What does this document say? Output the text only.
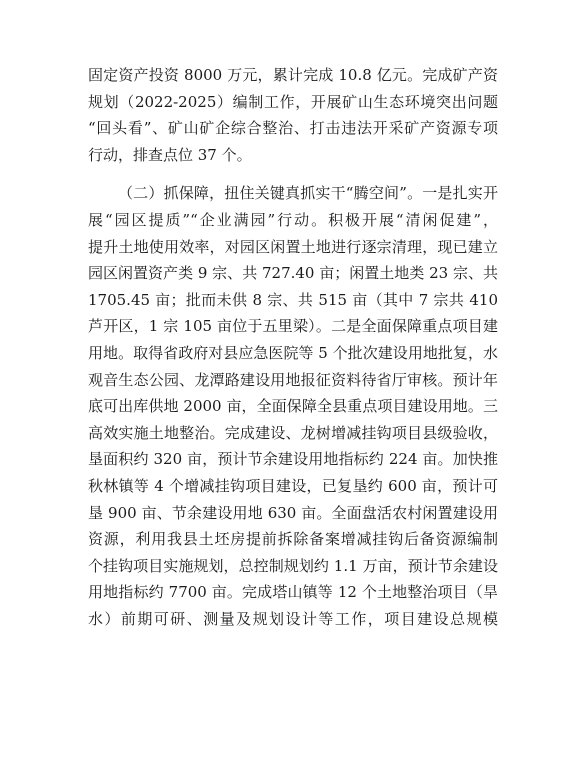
固定资产投资 8000 万元，累计完成 10.8 亿元。完成矿产资
规划（2022-2025）编制工作，开展矿山生态环境突出问题
“回头看”、矿山矿企综合整治、打击违法开采矿产资源专项
行动，排查点位 37 个。
（二）抓保障，扭住关键真抓实干“腾空间”。一是扎实开
展“园区提质”“企业满园”行动。积极开展“清闲促建”，
提升土地使用效率，对园区闲置土地进行逐宗清理，现已建立
园区闲置资产类 9 宗、共 727.40 亩；闲置土地类 23 宗、共
1705.45 亩；批而未供 8 宗、共 515 亩（其中 7 宗共 410
芦开区，1 宗 105 亩位于五里梁）。二是全面保障重点项目建
用地。取得省政府对县应急医院等 5 个批次建设用地批复，水
观音生态公园、龙潭路建设用地报征资料待省厅审核。预计年
底可出库供地 2000 亩，全面保障全县重点项目建设用地。三
高效实施土地整治。完成建设、龙树增减挂钩项目县级验收，
垦面积约 320 亩，预计节余建设用地指标约 224 亩。加快推
秋林镇等 4 个增减挂钩项目建设，已复垦约 600 亩，预计可
垦 900 亩、节余建设用地 630 亩。全面盘活农村闲置建设用
资源，利用我县土坯房提前拆除备案增减挂钩后备资源编制
个挂钩项目实施规划，总控制规划约 1.1 万亩，预计节余建设
用地指标约 7700 亩。完成塔山镇等 12 个土地整治项目（旱
水）前期可研、测量及规划设计等工作，项目建设总规模
